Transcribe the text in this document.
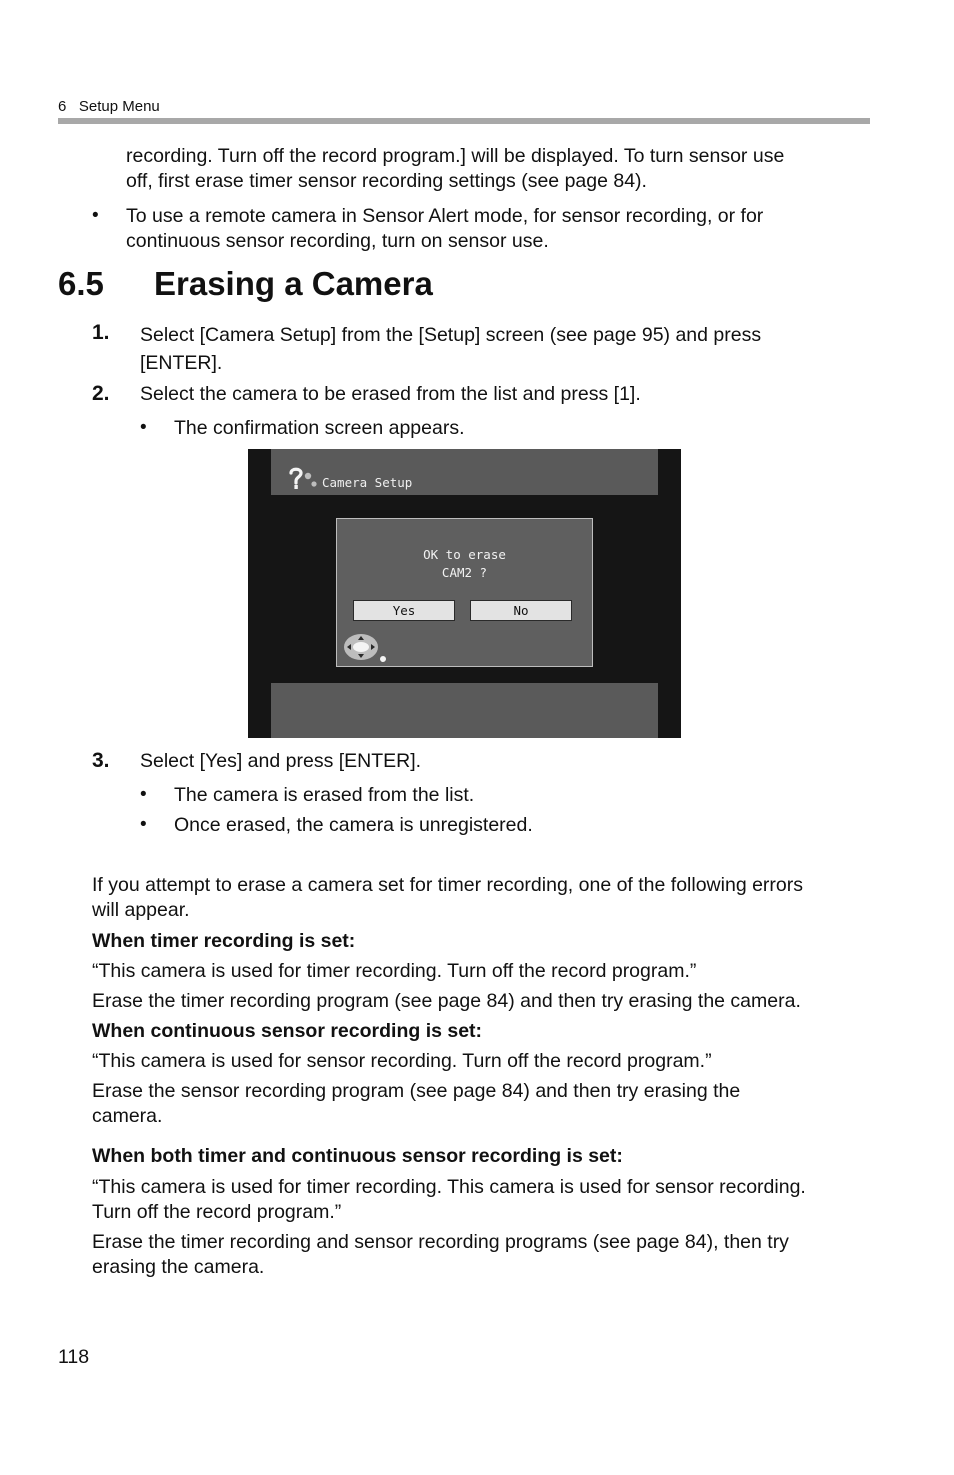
6 Setup Menu
recording. Turn off the record program.] will be displayed. To turn sensor use
off, first erase timer sensor recording settings (see page 84).
• To use a remote camera in Sensor Alert mode, for sensor recording, or for
continuous sensor recording, turn on sensor use.
6.5 Erasing a Camera
1. Select [Camera Setup] from the [Setup] screen (see page 95) and press
[ENTER].
2. Select the camera to be erased from the list and press [1].
• The confirmation screen appears.
Camera Setup
OK to erase
CAM2 ?
Yes	No
3. Select [Yes] and press [ENTER].
• The camera is erased from the list.
• Once erased, the camera is unregistered.
If you attempt to erase a camera set for timer recording, one of the following errors
will appear.
When timer recording is set:
“This camera is used for timer recording. Turn off the record program.”
Erase the timer recording program (see page 84) and then try erasing the camera.
When continuous sensor recording is set:
“This camera is used for sensor recording. Turn off the record program.”
Erase the sensor recording program (see page 84) and then try erasing the
camera.
When both timer and continuous sensor recording is set:
“This camera is used for timer recording. This camera is used for sensor recording.
Turn off the record program.”
Erase the timer recording and sensor recording programs (see page 84), then try
erasing the camera.
118
